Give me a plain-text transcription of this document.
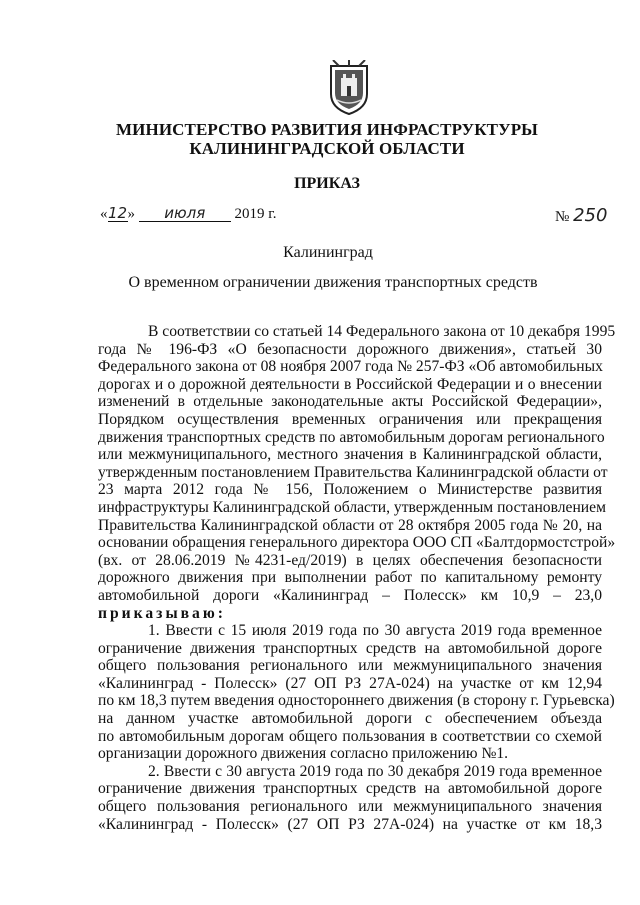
МИНИСТЕРСТВО РАЗВИТИЯ ИНФРАСТРУКТУРЫ
КАЛИНИНГРАДСКОЙ ОБЛАСТИ
ПРИКАЗ
«12» июля 2019 г.	№ 250
Калининград
О временном ограничении движения транспортных средств
В соответствии со статьей 14 Федерального закона от 10 декабря 1995
года № 196-ФЗ «О безопасности дорожного движения», статьей 30
Федерального закона от 08 ноября 2007 года № 257-ФЗ «Об автомобильных
дорогах и о дорожной деятельности в Российской Федерации и о внесении
изменений в отдельные законодательные акты Российской Федерации»,
Порядком осуществления временных ограничения или прекращения
движения транспортных средств по автомобильным дорогам регионального
или межмуниципального, местного значения в Калининградской области,
утвержденным постановлением Правительства Калининградской области от
23 марта 2012 года № 156, Положением о Министерстве развития
инфраструктуры Калининградской области, утвержденным постановлением
Правительства Калининградской области от 28 октября 2005 года № 20, на
основании обращения генерального директора ООО СП «Балтдормостстрой»
(вх. от 28.06.2019 №4231-ед/2019) в целях обеспечения безопасности
дорожного движения при выполнении работ по капитальному ремонту
автомобильной дороги «Калининград – Полесск» км 10,9 – 23,0
приказываю:
1. Ввести с 15 июля 2019 года по 30 августа 2019 года временное
ограничение движения транспортных средств на автомобильной дороге
общего пользования регионального или межмуниципального значения
«Калининград - Полесск» (27 ОП РЗ 27А-024) на участке от км 12,94
по км 18,3 путем введения одностороннего движения (в сторону г. Гурьевска)
на данном участке автомобильной дороги с обеспечением объезда
по автомобильным дорогам общего пользования в соответствии со схемой
организации дорожного движения согласно приложению №1.
2. Ввести с 30 августа 2019 года по 30 декабря 2019 года временное
ограничение движения транспортных средств на автомобильной дороге
общего пользования регионального или межмуниципального значения
«Калининград - Полесск» (27 ОП РЗ 27А-024) на участке от км 18,3
